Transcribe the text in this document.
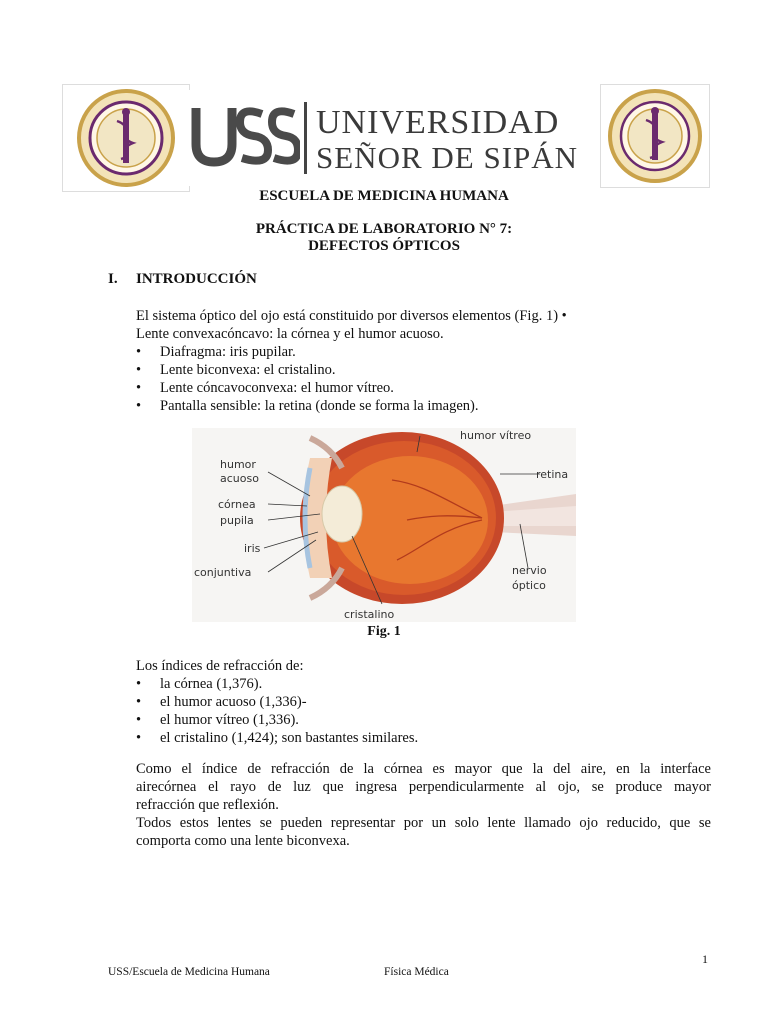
UNIVERSIDAD
SEÑOR DE SIPÁN
ESCUELA DE MEDICINA HUMANA
PRÁCTICA DE LABORATORIO N° 7:
DEFECTOS ÓPTICOS
I. INTRODUCCIÓN
El sistema óptico del ojo está constituido por diversos elementos (Fig. 1) •
Lente convexacóncavo: la córnea y el humor acuoso.
• Diafragma: iris pupilar.
• Lente biconvexa: el cristalino.
• Lente cóncavoconvexa: el humor vítreo.
• Pantalla sensible: la retina (donde se forma la imagen).
humor vítreo
retina
humor
acuoso
córnea
pupila
iris
conjuntiva	nervio
óptico
cristalino
Fig. 1
Los índices de refracción de:
• la córnea (1,376).
• el humor acuoso (1,336)-
• el humor vítreo (1,336).
• el cristalino (1,424); son bastantes similares.
Como el índice de refracción de la córnea es mayor que la del aire, en la interface
airecórnea el rayo de luz que ingresa perpendicularmente al ojo, se produce mayor
refracción que reflexión.
Todos estos lentes se pueden representar por un solo lente llamado ojo reducido, que se
comporta como una lente biconvexa.
1
USS/Escuela de Medicina Humana	Física Médica
